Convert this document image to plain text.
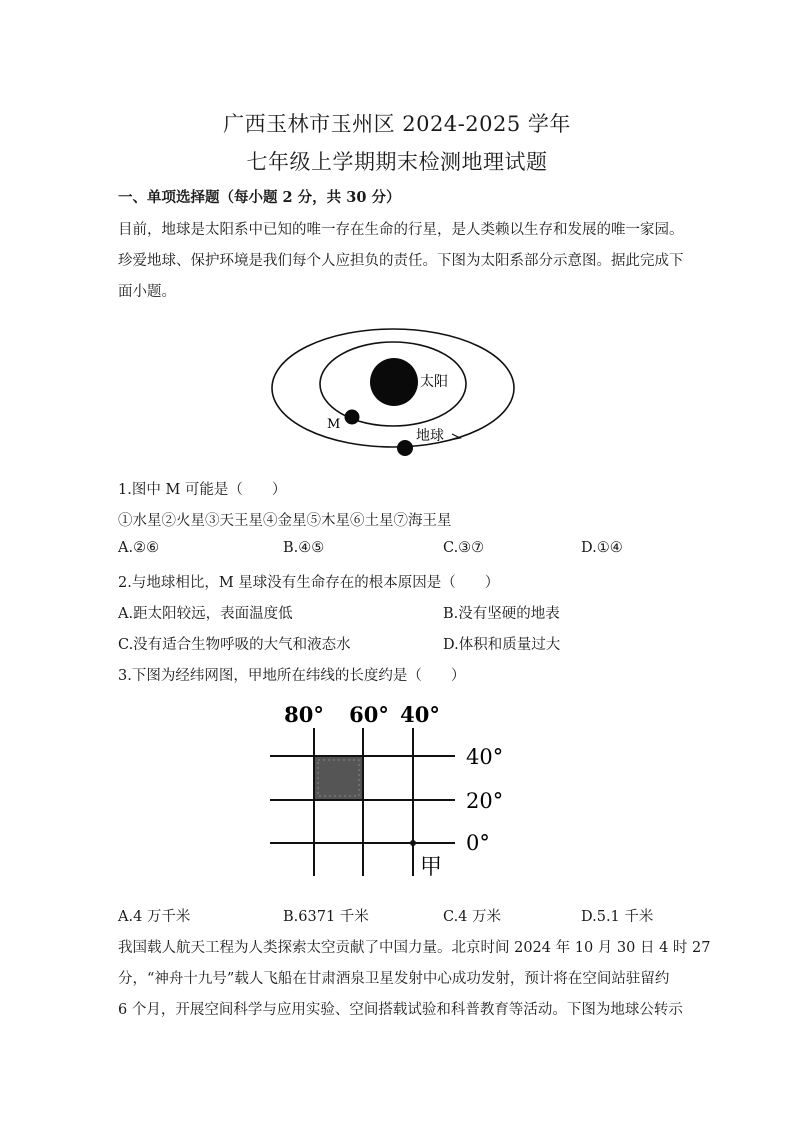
广西玉林市玉州区 2024-2025 学年
七年级上学期期末检测地理试题
一、单项选择题（每小题 2 分，共 30 分）
目前，地球是太阳系中已知的唯一存在生命的行星，是人类赖以生存和发展的唯一家园。
珍爱地球、保护环境是我们每个人应担负的责任。下图为太阳系部分示意图。据此完成下
面小题。
太阳
M
地球
1.图中 M 可能是（　　）
①水星②火星③天王星④金星⑤木星⑥土星⑦海王星
A.②⑥	B.④⑤	C.③⑦	D.①④
2.与地球相比，M 星球没有生命存在的根本原因是（　　）
A.距太阳较远，表面温度低	B.没有坚硬的地表
C.没有适合生物呼吸的大气和液态水	D.体积和质量过大
3.下图为经纬网图，甲地所在纬线的长度约是（　　）
80° 60° 40°
40°
20°
0°
甲
A.4 万千米	B.6371 千米	C.4 万米	D.5.1 千米
我国载人航天工程为人类探索太空贡献了中国力量。北京时间 2024 年 10 月 30 日 4 时 27
分，“神舟十九号”载人飞船在甘肃酒泉卫星发射中心成功发射，预计将在空间站驻留约
6 个月，开展空间科学与应用实验、空间搭载试验和科普教育等活动。下图为地球公转示
